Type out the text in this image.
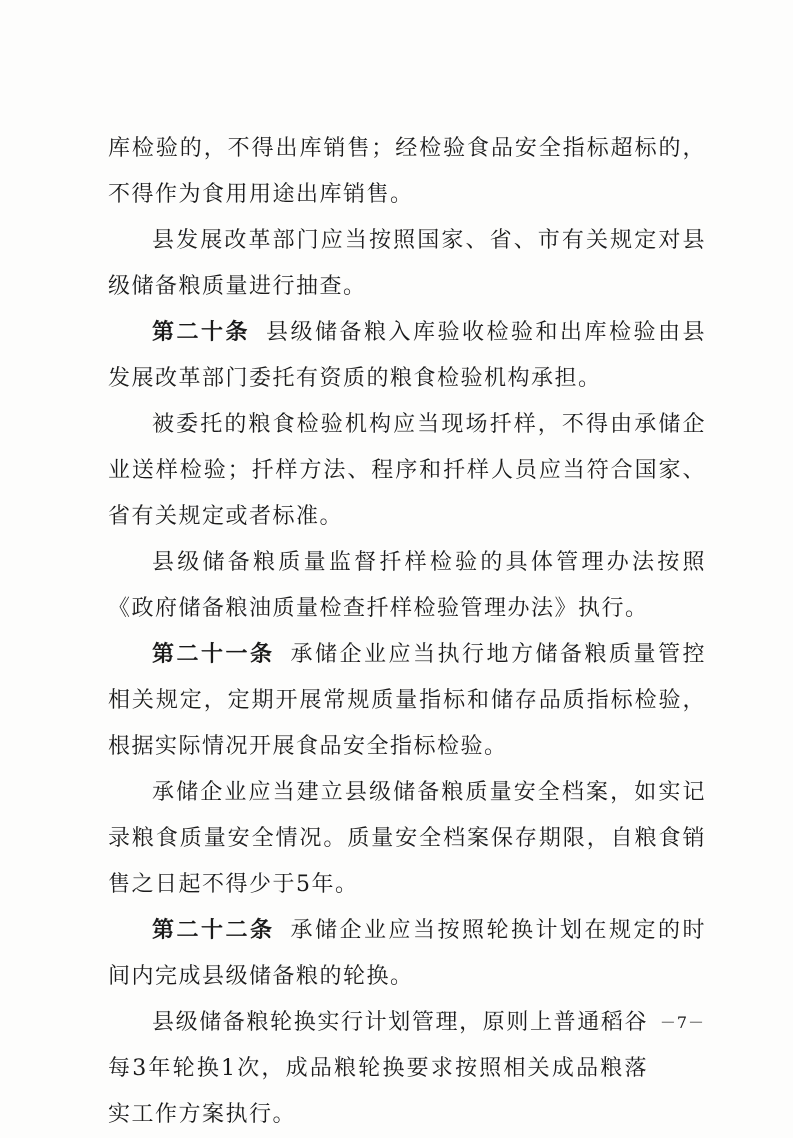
库检验的，不得出库销售；经检验食品安全指标超标的，不得作为食用用途出库销售。

县发展改革部门应当按照国家、省、市有关规定对县级储备粮质量进行抽查。

第二十条 县级储备粮入库验收检验和出库检验由县发展改革部门委托有资质的粮食检验机构承担。

被委托的粮食检验机构应当现场扦样，不得由承储企业送样检验；扦样方法、程序和扦样人员应当符合国家、省有关规定或者标准。

县级储备粮质量监督扦样检验的具体管理办法按照《政府储备粮油质量检查扦样检验管理办法》执行。

第二十一条 承储企业应当执行地方储备粮质量管控相关规定，定期开展常规质量指标和储存品质指标检验，根据实际情况开展食品安全指标检验。

承储企业应当建立县级储备粮质量安全档案，如实记录粮食质量安全情况。质量安全档案保存期限，自粮食销售之日起不得少于5年。

第二十二条 承储企业应当按照轮换计划在规定的时间内完成县级储备粮的轮换。

县级储备粮轮换实行计划管理，原则上普通稻谷每3年轮换1次，成品粮轮换要求按照相关成品粮落实工作方案执行。

－7－
